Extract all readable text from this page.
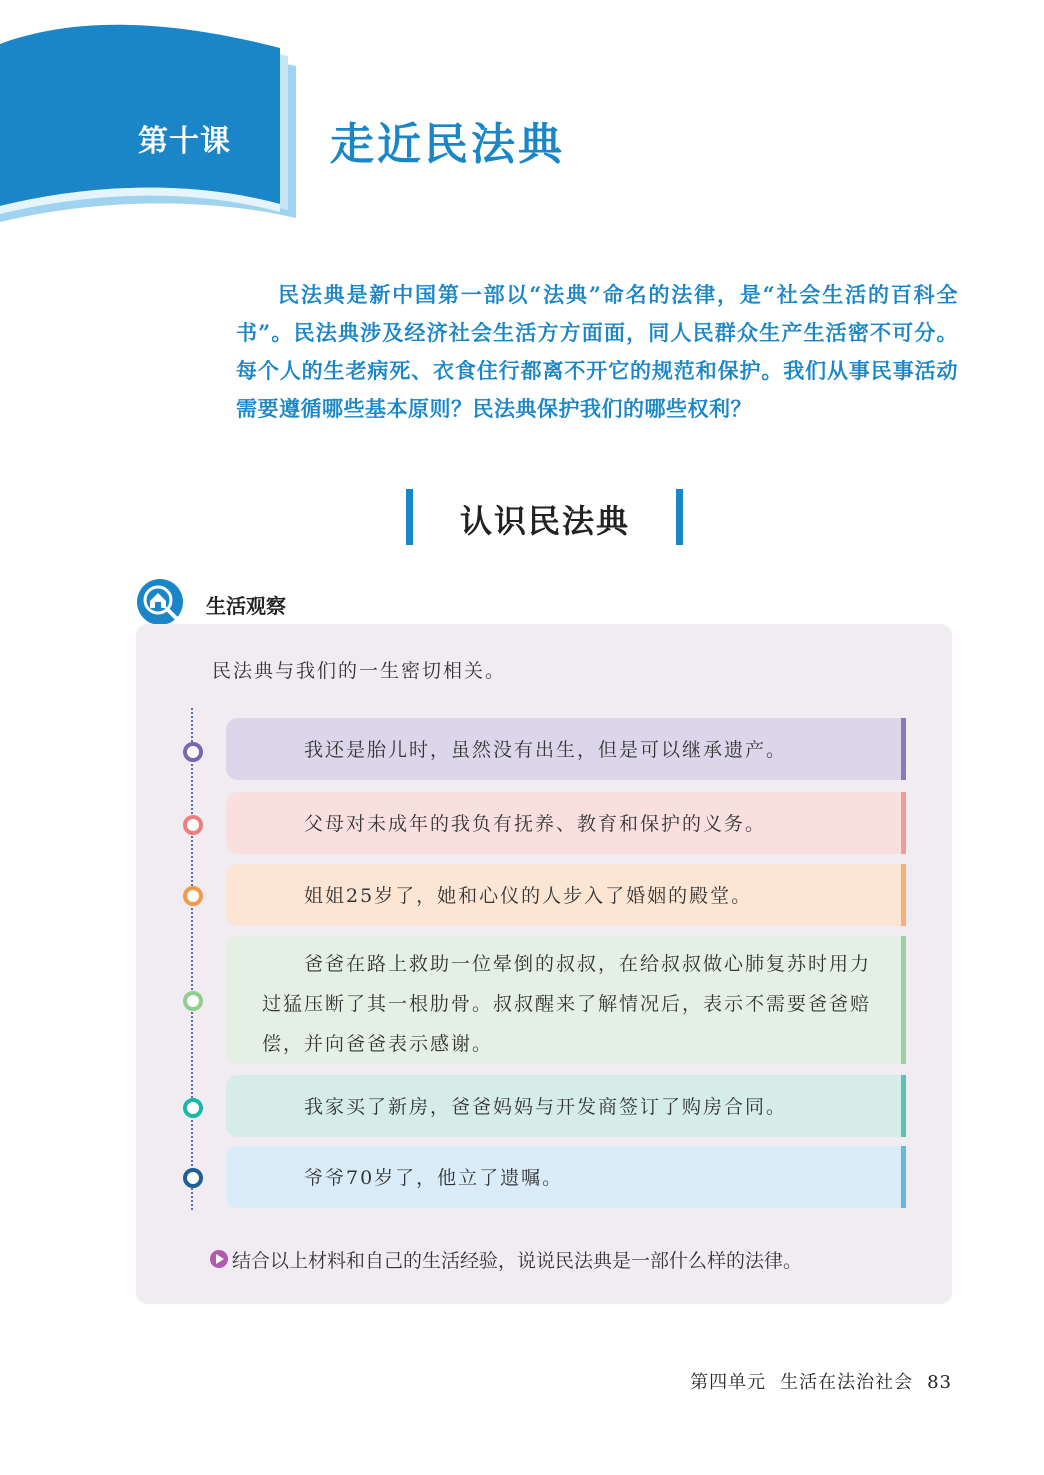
第十课 走近民法典
民法典是新中国第一部以“法典”命名的法律，是“社会生活的百科全书”。民法典涉及经济社会生活方方面面，同人民群众生产生活密不可分。每个人的生老病死、衣食住行都离不开它的规范和保护。我们从事民事活动需要遵循哪些基本原则？民法典保护我们的哪些权利？
认识民法典
生活观察
民法典与我们的一生密切相关。
我还是胎儿时，虽然没有出生，但是可以继承遗产。
父母对未成年的我负有抚养、教育和保护的义务。
姐姐25岁了，她和心仪的人步入了婚姻的殿堂。
爸爸在路上救助一位晕倒的叔叔，在给叔叔做心肺复苏时用力过猛压断了其一根肋骨。叔叔醒来了解情况后，表示不需要爸爸赔偿，并向爸爸表示感谢。
我家买了新房，爸爸妈妈与开发商签订了购房合同。
爷爷70岁了，他立了遗嘱。
结合以上材料和自己的生活经验，说说民法典是一部什么样的法律。
第四单元 生活在法治社会 83
